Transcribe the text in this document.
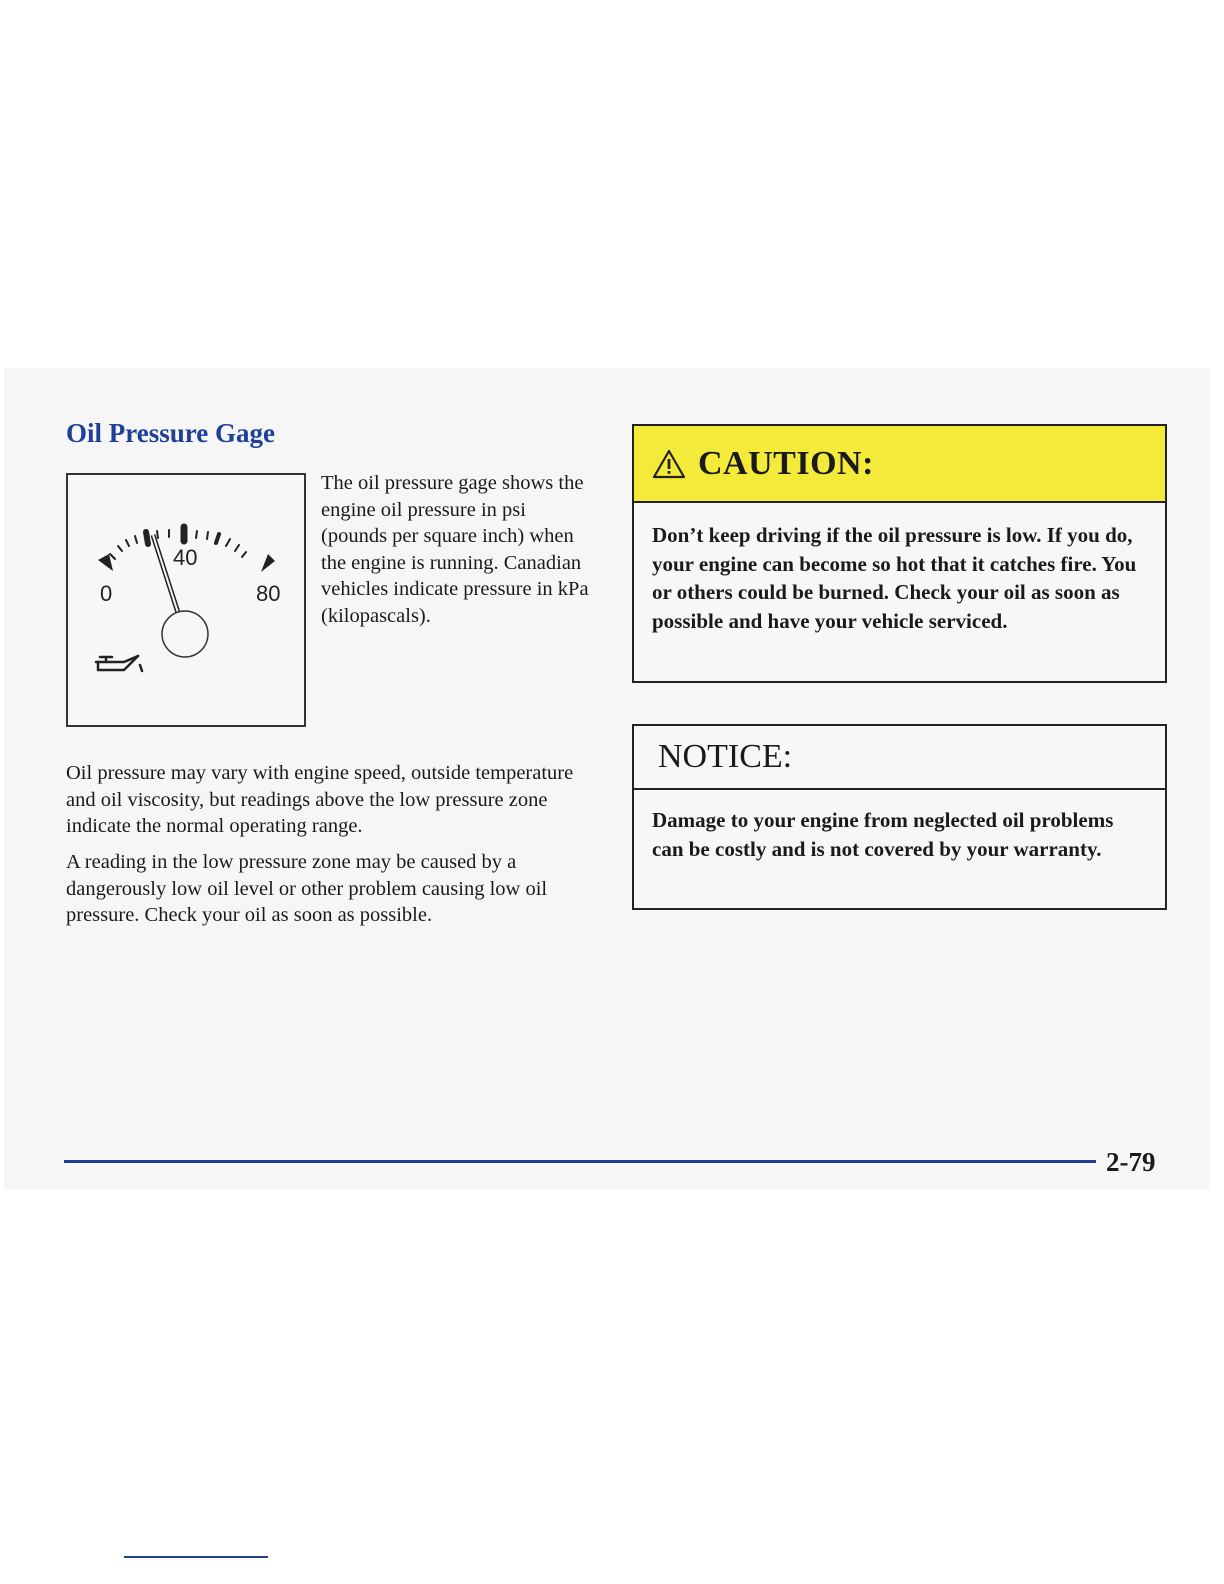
Oil Pressure Gage
0
40
80

The oil pressure gage shows the engine oil pressure in psi (pounds per square inch) when the engine is running. Canadian vehicles indicate pressure in kPa (kilopascals).

Oil pressure may vary with engine speed, outside temperature and oil viscosity, but readings above the low pressure zone indicate the normal operating range.

A reading in the low pressure zone may be caused by a dangerously low oil level or other problem causing low oil pressure. Check your oil as soon as possible.

CAUTION:

Don’t keep driving if the oil pressure is low. If you do, your engine can become so hot that it catches fire. You or others could be burned. Check your oil as soon as possible and have your vehicle serviced.

NOTICE:

Damage to your engine from neglected oil problems can be costly and is not covered by your warranty.

2-79
